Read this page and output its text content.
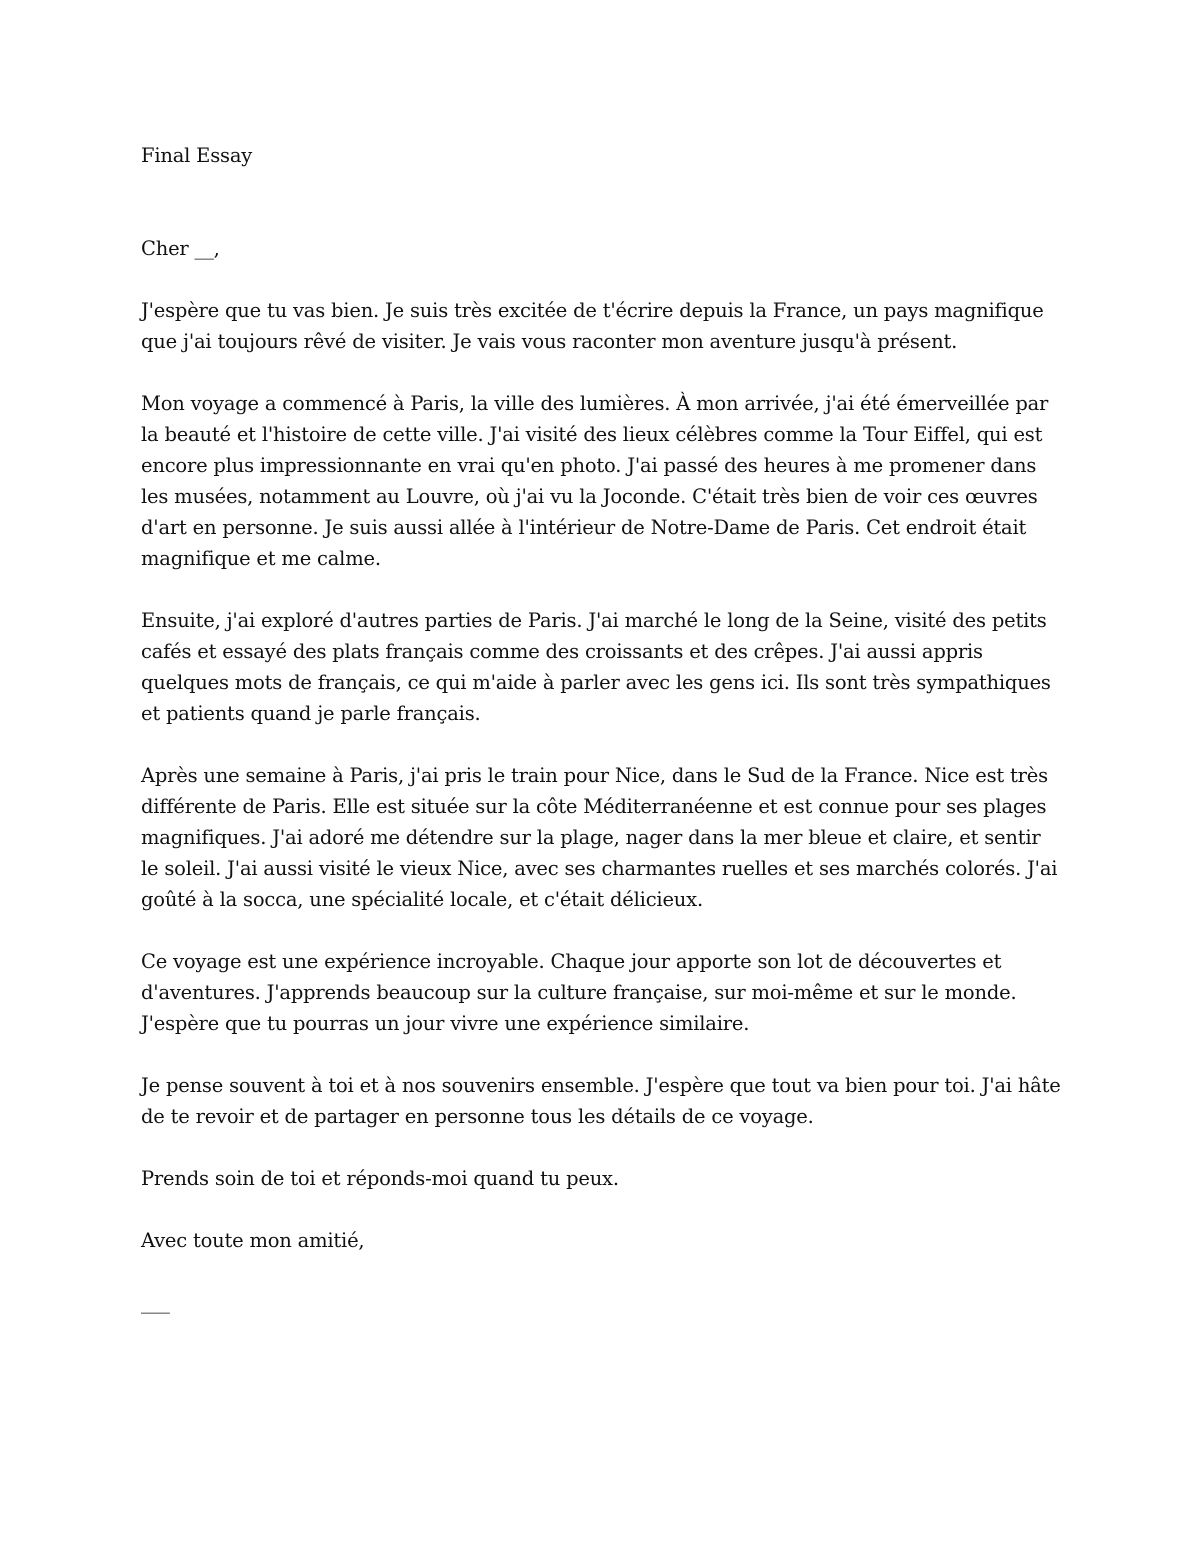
Final Essay
Cher __,

J'espère que tu vas bien. Je suis très excitée de t'écrire depuis la France, un pays magnifique que j'ai toujours rêvé de visiter. Je vais vous raconter mon aventure jusqu'à présent.

Mon voyage a commencé à Paris, la ville des lumières. À mon arrivée, j'ai été émerveillée par la beauté et l'histoire de cette ville. J'ai visité des lieux célèbres comme la Tour Eiffel, qui est encore plus impressionnante en vrai qu'en photo. J'ai passé des heures à me promener dans les musées, notamment au Louvre, où j'ai vu la Joconde. C'était très bien de voir ces œuvres d'art en personne. Je suis aussi allée à l'intérieur de Notre-Dame de Paris. Cet endroit était magnifique et me calme.

Ensuite, j'ai exploré d'autres parties de Paris. J'ai marché le long de la Seine, visité des petits cafés et essayé des plats français comme des croissants et des crêpes. J'ai aussi appris quelques mots de français, ce qui m'aide à parler avec les gens ici. Ils sont très sympathiques et patients quand je parle français.

Après une semaine à Paris, j'ai pris le train pour Nice, dans le Sud de la France. Nice est très différente de Paris. Elle est située sur la côte Méditerranéenne et est connue pour ses plages magnifiques. J'ai adoré me détendre sur la plage, nager dans la mer bleue et claire, et sentir le soleil. J'ai aussi visité le vieux Nice, avec ses charmantes ruelles et ses marchés colorés. J'ai goûté à la socca, une spécialité locale, et c'était délicieux.

Ce voyage est une expérience incroyable. Chaque jour apporte son lot de découvertes et d'aventures. J'apprends beaucoup sur la culture française, sur moi-même et sur le monde. J'espère que tu pourras un jour vivre une expérience similaire.

Je pense souvent à toi et à nos souvenirs ensemble. J'espère que tout va bien pour toi. J'ai hâte de te revoir et de partager en personne tous les détails de ce voyage.

Prends soin de toi et réponds-moi quand tu peux.

Avec toute mon amitié,

___
